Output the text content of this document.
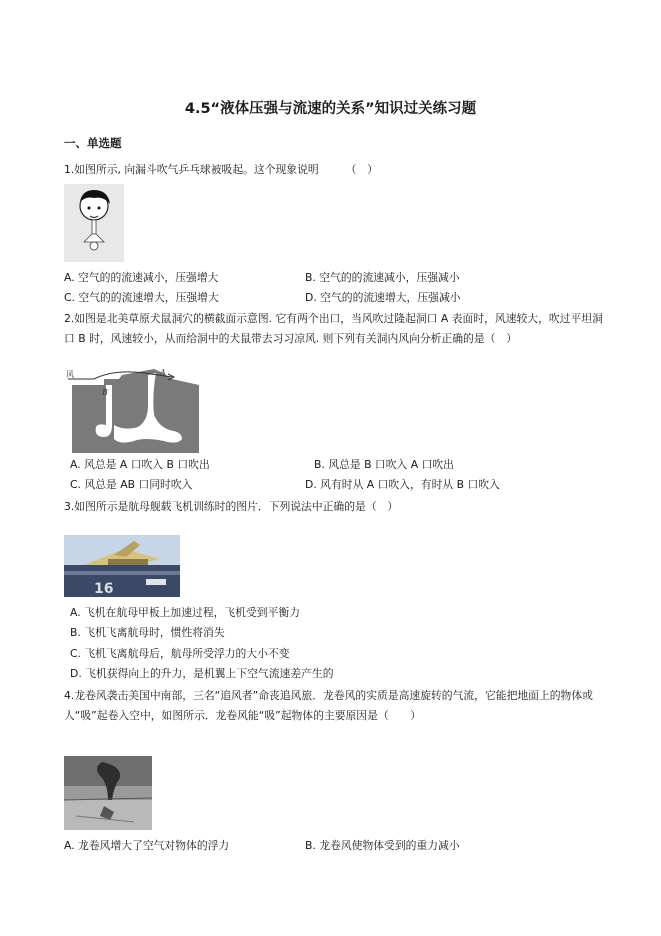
4.5“液体压强与流速的关系”知识过关练习题
一、单选题
1.如图所示, 向漏斗吹气乒乓球被吸起。这个现象说明　　　（　）
A. 空气的的流速减小，压强增大	B. 空气的的流速减小，压强减小
C. 空气的的流速增大，压强增大	D. 空气的的流速增大，压强减小
2.如图是北美草原犬鼠洞穴的横截面示意图. 它有两个出口，当风吹过隆起洞口 A 表面时，风速较大，吹过平坦洞口 B 时，风速较小，从而给洞中的犬鼠带去习习凉风. 则下列有关洞内风向分析正确的是（　）
风	A
B
A. 风总是 A 口吹入 B 口吹出	B. 风总是 B 口吹入 A 口吹出
C. 风总是 AB 口同时吹入	D. 风有时从 A 口吹入，有时从 B 口吹入
3.如图所示是航母舰载飞机训练时的图片．下列说法中正确的是（　）
16
A. 飞机在航母甲板上加速过程，飞机受到平衡力
B. 飞机飞离航母时，惯性将消失
C. 飞机飞离航母后，航母所受浮力的大小不变
D. 飞机获得向上的升力，是机翼上下空气流速差产生的
4.龙卷风袭击美国中南部，三名“追风者”命丧追风旅．龙卷风的实质是高速旋转的气流，它能把地面上的物体或人“吸”起卷入空中，如图所示．龙卷风能“吸”起物体的主要原因是（　　）
A. 龙卷风增大了空气对物体的浮力	B. 龙卷风使物体受到的重力减小
